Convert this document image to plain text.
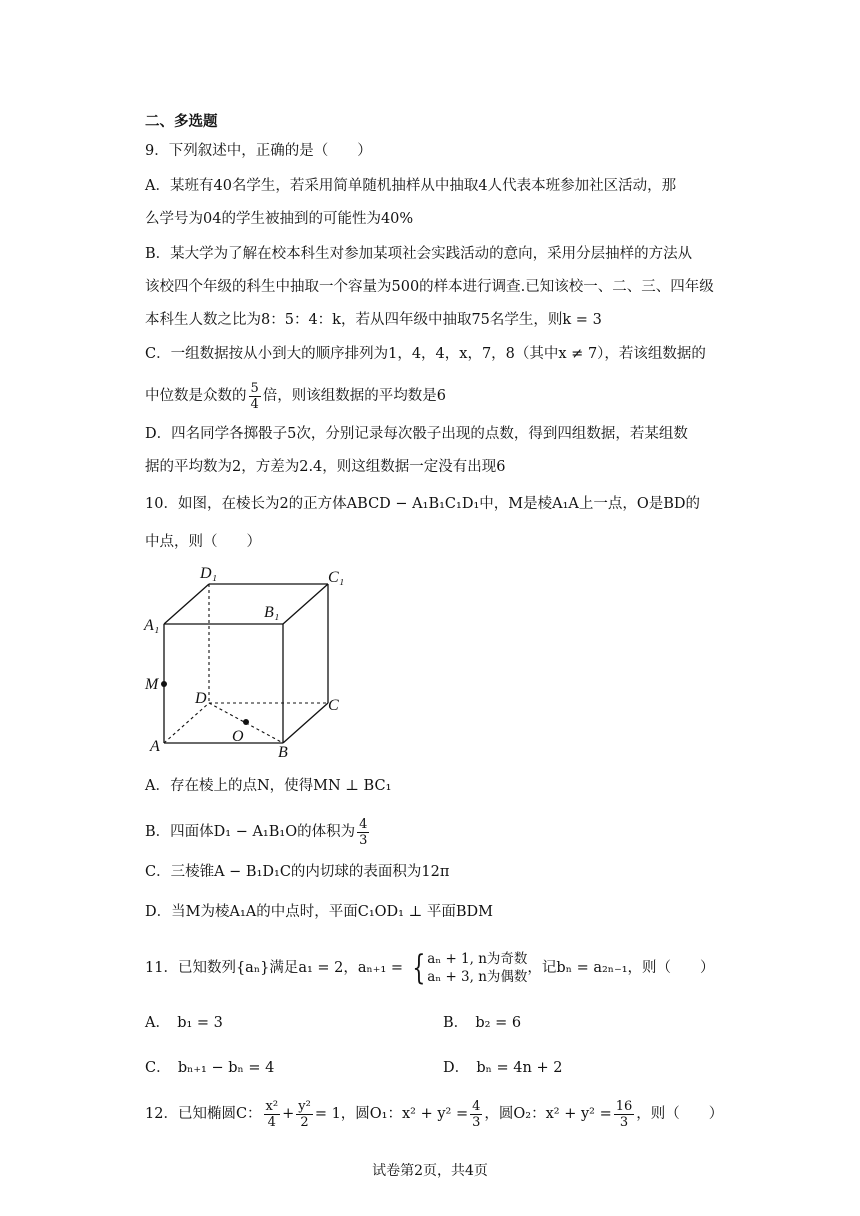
二、多选题
9．下列叙述中，正确的是（　　）
A．某班有40名学生，若采用简单随机抽样从中抽取4人代表本班参加社区活动，那
么学号为04的学生被抽到的可能性为40%
B．某大学为了解在校本科生对参加某项社会实践活动的意向，采用分层抽样的方法从
该校四个年级的科生中抽取一个容量为500的样本进行调查.已知该校一、二、三、四年级
本科生人数之比为8：5：4：k，若从四年级中抽取75名学生，则k = 3
C．一组数据按从小到大的顺序排列为1，4，4，x，7，8（其中x ≠ 7），若该组数据的
中位数是众数的 $\frac{5}{4}$ 倍，则该组数据的平均数是6
D．四名同学各掷骰子5次，分别记录每次骰子出现的点数，得到四组数据，若某组数
据的平均数为2，方差为2.4，则这组数据一定没有出现6
10．如图，在棱长为2的正方体ABCD − A₁B₁C₁D₁中，M是棱A₁A上一点，O是BD的
中点，则（　　）
D₁	C₁
A₁
B₁
M
D	C
A
O
B
A．存在棱上的点N，使得MN ⊥ BC₁
B．四面体D₁ − A₁B₁O的体积为 $\frac{4}{3}$
C．三棱锥A − B₁D₁C的内切球的表面积为12π
D．当M为棱A₁A的中点时，平面C₁OD₁ ⊥ 平面BDM
11．已知数列{aₙ}满足a₁ = 2，aₙ₊₁ = { aₙ + 1, n为奇数
aₙ + 3, n为偶数
，记bₙ = a₂ₙ₋₁，则（　　）
A．　b₁ = 3	B．　b₂ = 6
C．　bₙ₊₁ − bₙ = 4	D．　bₙ = 4n + 2
12．已知椭圆C： $\frac{\text{x²}}{4} + \frac{\text{y²}}{2} = 1$，圆O₁：$x^2 + y^2 = \frac{4}{3}$ ，圆O₂：$x^2 + y^2 = \frac{16}{3}$ ，则（　　）
试卷第2页，共4页
